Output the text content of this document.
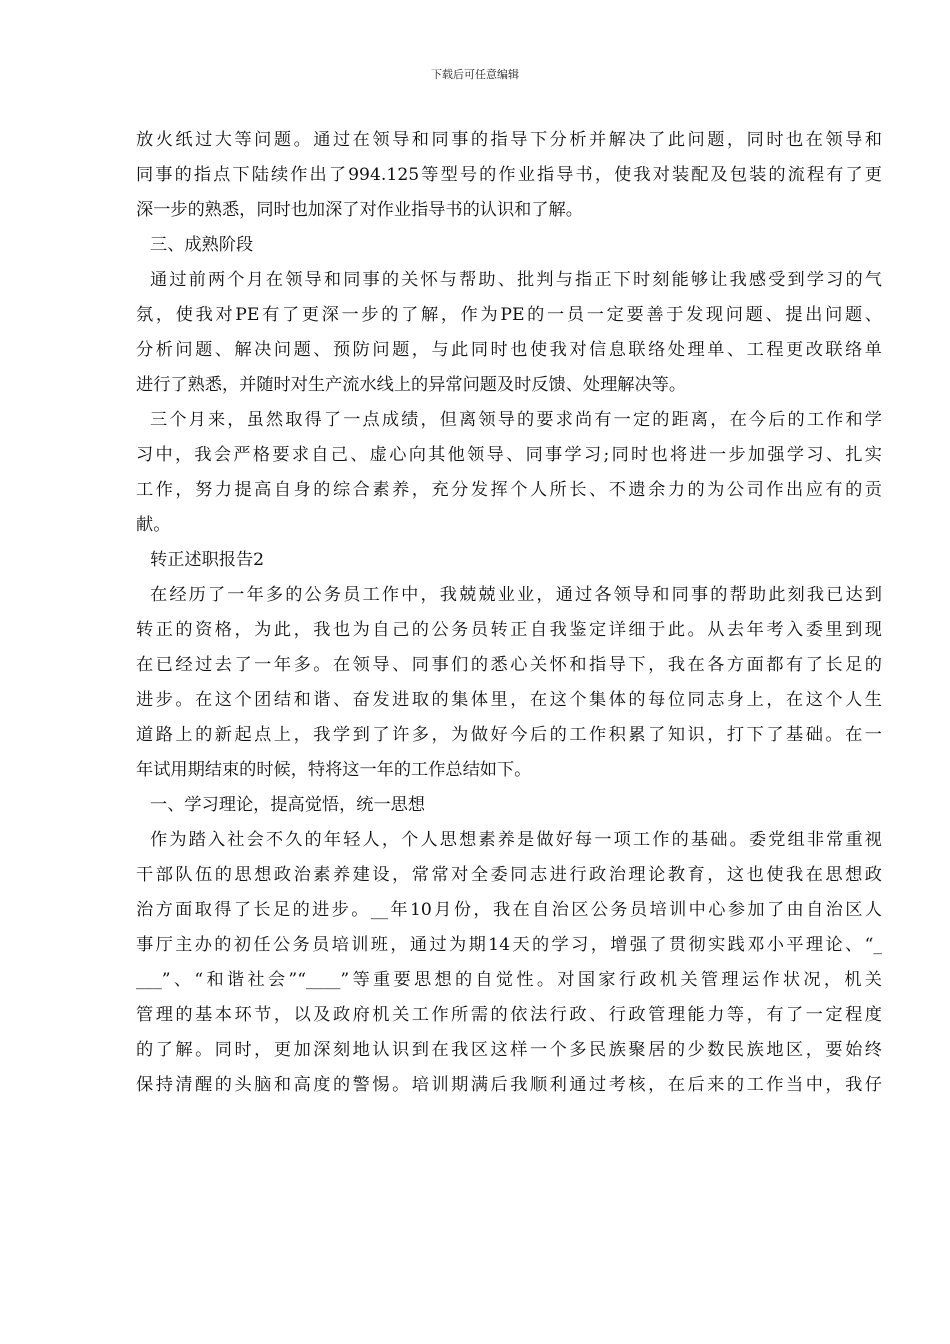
下载后可任意编辑
放火纸过大等问题。通过在领导和同事的指导下分析并解决了此问题，同时也在领导和
同事的指点下陆续作出了994.125等型号的作业指导书，使我对装配及包装的流程有了更
深一步的熟悉，同时也加深了对作业指导书的认识和了解。
三、成熟阶段
通过前两个月在领导和同事的关怀与帮助、批判与指正下时刻能够让我感受到学习的气
氛，使我对PE有了更深一步的了解，作为PE的一员一定要善于发现问题、提出问题、
分析问题、解决问题、预防问题，与此同时也使我对信息联络处理单、工程更改联络单
进行了熟悉，并随时对生产流水线上的异常问题及时反馈、处理解决等。
三个月来，虽然取得了一点成绩，但离领导的要求尚有一定的距离，在今后的工作和学
习中，我会严格要求自己、虚心向其他领导、同事学习;同时也将进一步加强学习、扎实
工作，努力提高自身的综合素养，充分发挥个人所长、不遗余力的为公司作出应有的贡
献。
转正述职报告2
在经历了一年多的公务员工作中，我兢兢业业，通过各领导和同事的帮助此刻我已达到
转正的资格，为此，我也为自己的公务员转正自我鉴定详细于此。从去年考入委里到现
在已经过去了一年多。在领导、同事们的悉心关怀和指导下，我在各方面都有了长足的
进步。在这个团结和谐、奋发进取的集体里，在这个集体的每位同志身上，在这个人生
道路上的新起点上，我学到了许多，为做好今后的工作积累了知识，打下了基础。在一
年试用期结束的时候，特将这一年的工作总结如下。
一、学习理论，提高觉悟，统一思想
作为踏入社会不久的年轻人，个人思想素养是做好每一项工作的基础。委党组非常重视
干部队伍的思想政治素养建设，常常对全委同志进行政治理论教育，这也使我在思想政
治方面取得了长足的进步。__年10月份，我在自治区公务员培训中心参加了由自治区人
事厅主办的初任公务员培训班，通过为期14天的学习，增强了贯彻实践邓小平理论、“_
___”、“和谐社会”“____”等重要思想的自觉性。对国家行政机关管理运作状况，机关
管理的基本环节，以及政府机关工作所需的依法行政、行政管理能力等，有了一定程度
的了解。同时，更加深刻地认识到在我区这样一个多民族聚居的少数民族地区，要始终
保持清醒的头脑和高度的警惕。培训期满后我顺利通过考核，在后来的工作当中，我仔
